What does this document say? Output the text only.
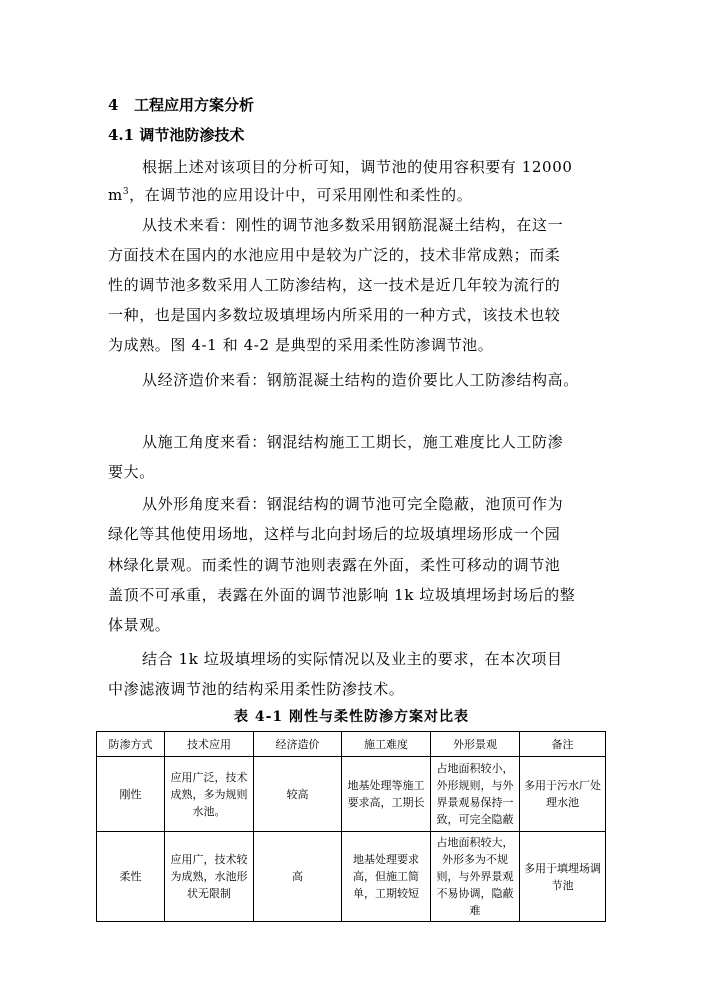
4 工程应用方案分析
4.1 调节池防渗技术
根据上述对该项目的分析可知，调节池的使用容积要有 12000
$m^3$，在调节池的应用设计中，可采用刚性和柔性的。
从技术来看：刚性的调节池多数采用钢筋混凝土结构，在这一
方面技术在国内的水池应用中是较为广泛的，技术非常成熟；而柔
性的调节池多数采用人工防渗结构，这一技术是近几年较为流行的
一种，也是国内多数垃圾填埋场内所采用的一种方式，该技术也较
为成熟。图 4-1 和 4-2 是典型的采用柔性防渗调节池。
从经济造价来看：钢筋混凝土结构的造价要比人工防渗结构高。
从施工角度来看：钢混结构施工工期长，施工难度比人工防渗
要大。
从外形角度来看：钢混结构的调节池可完全隐蔽，池顶可作为
绿化等其他使用场地，这样与北向封场后的垃圾填埋场形成一个园
林绿化景观。而柔性的调节池则表露在外面，柔性可移动的调节池
盖顶不可承重，表露在外面的调节池影响 1k 垃圾填埋场封场后的整
体景观。
结合 1k 垃圾填埋场的实际情况以及业主的要求，在本次项目
中渗滤液调节池的结构采用柔性防渗技术。
表 4-1 刚性与柔性防渗方案对比表
防渗方式	技术应用	经济造价	施工难度	外形景观	备注
刚性	应用广泛，技术成熟，多为规则水池。	较高	地基处理等施工要求高，工期长	占地面积较小，外形规则，与外界景观易保持一致，可完全隐蔽	多用于污水厂处理水池
柔性	应用广，技术较为成熟，水池形状无限制	高	地基处理要求高，但施工简单，工期较短	占地面积较大，外形多为不规则，与外界景观不易协调，隐蔽难	多用于填埋场调节池
